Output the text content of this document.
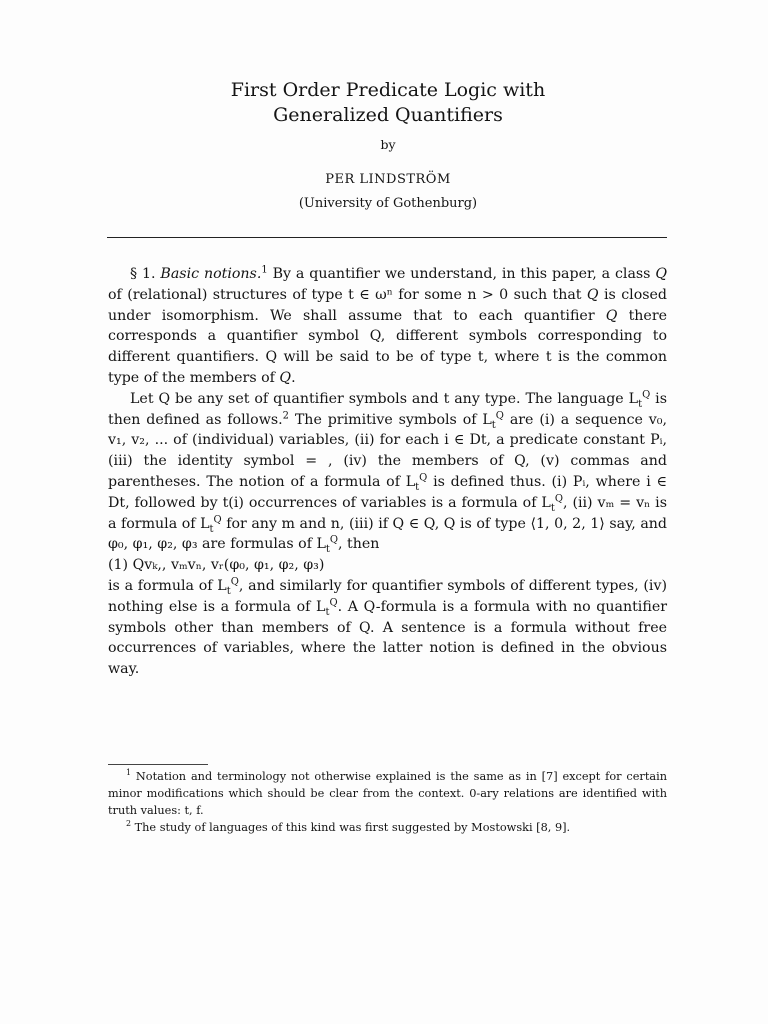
First Order Predicate Logic with
Generalized Quantifiers
by
PER LINDSTRÖM
(University of Gothenburg)

§ 1. Basic notions.$^1$ By a quantifier we understand, in this paper, a class Q of (relational) structures of type t ∈ ωⁿ for some n > 0 such that Q is closed under isomorphism. We shall assume that to each quantifier Q there corresponds a quantifier symbol Q, different symbols corresponding to different quantifiers. Q will be said to be of type t, where t is the common type of the members of Q.

Let Q be any set of quantifier symbols and t any type. The language $L_t^Q$ is then defined as follows.$^2$ The primitive symbols of $L_t^Q$ are (i) a sequence v₀, v₁, v₂, ... of (individual) variables, (ii) for each i ∈ Dt, a predicate constant Pᵢ, (iii) the identity symbol = , (iv) the members of Q, (v) commas and parentheses. The notion of a formula of $L_t^Q$ is defined thus. (i) Pᵢ, where i ∈ Dt, followed by t(i) occurrences of variables is a formula of $L_t^Q$, (ii) vₘ = vₙ is a formula of $L_t^Q$ for any m and n, (iii) if Q ∈ Q, Q is of type ⟨1, 0, 2, 1⟩ say, and φ₀, φ₁, φ₂, φ₃ are formulas of $L_t^Q$, then

(1) Qvₖ,, vₘvₙ, vᵣ(φ₀, φ₁, φ₂, φ₃)

is a formula of $L_t^Q$, and similarly for quantifier symbols of different types, (iv) nothing else is a formula of $L_t^Q$. A Q-formula is a formula with no quantifier symbols other than members of Q. A sentence is a formula without free occurrences of variables, where the latter notion is defined in the obvious way.

$^1$ Notation and terminology not otherwise explained is the same as in [7] except for certain minor modifications which should be clear from the context. 0-ary relations are identified with truth values: t, f.

$^2$ The study of languages of this kind was first suggested by Mostowski [8, 9].
